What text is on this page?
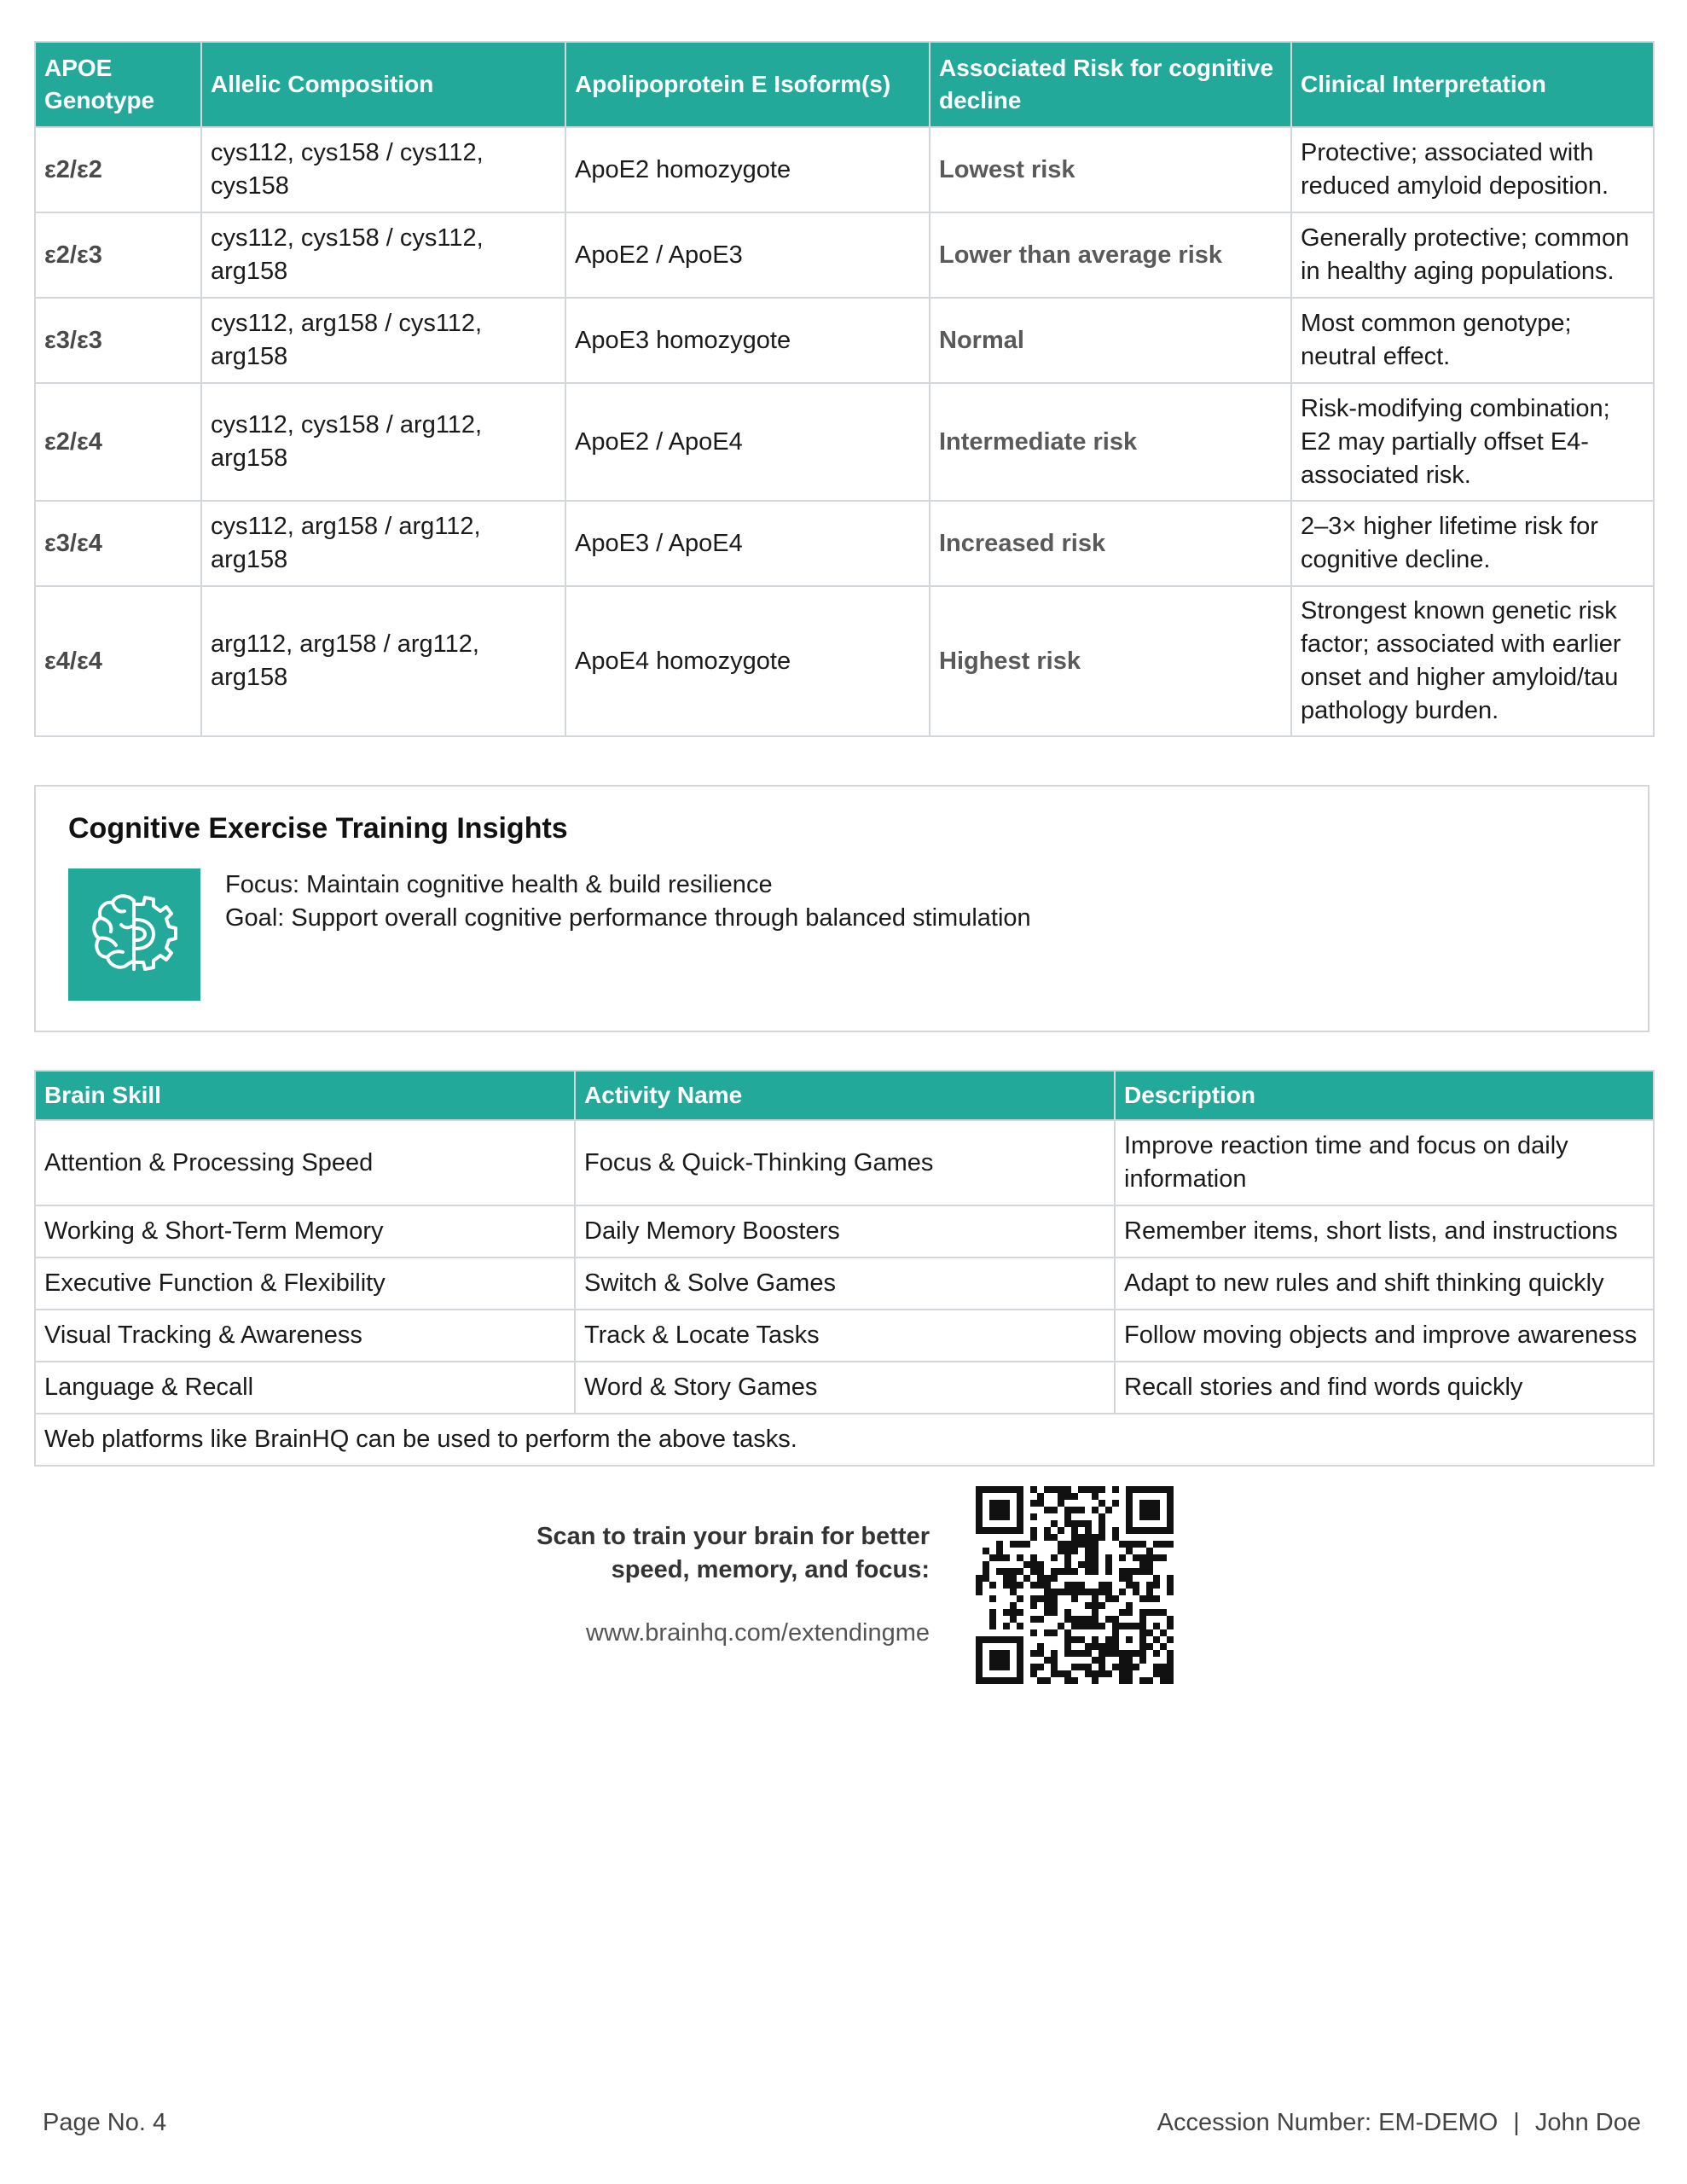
APOE Genotype	Allelic Composition	Apolipoprotein E Isoform(s)	Associated Risk for cognitive decline	Clinical Interpretation
ε2/ε2	cys112, cys158 / cys112, cys158	ApoE2 homozygote	Lowest risk	Protective; associated with reduced amyloid deposition.
ε2/ε3	cys112, cys158 / cys112, arg158	ApoE2 / ApoE3	Lower than average risk	Generally protective; common in healthy aging populations.
ε3/ε3	cys112, arg158 / cys112, arg158	ApoE3 homozygote	Normal	Most common genotype; neutral effect.
ε2/ε4	cys112, cys158 / arg112, arg158	ApoE2 / ApoE4	Intermediate risk	Risk-modifying combination; E2 may partially offset E4-associated risk.
ε3/ε4	cys112, arg158 / arg112, arg158	ApoE3 / ApoE4	Increased risk	2–3× higher lifetime risk for cognitive decline.
ε4/ε4	arg112, arg158 / arg112, arg158	ApoE4 homozygote	Highest risk	Strongest known genetic risk factor; associated with earlier onset and higher amyloid/tau pathology burden.
Cognitive Exercise Training Insights
Focus: Maintain cognitive health & build resilience
Goal: Support overall cognitive performance through balanced stimulation
Brain Skill	Activity Name	Description
Attention & Processing Speed	Focus & Quick-Thinking Games	Improve reaction time and focus on daily information
Working & Short-Term Memory	Daily Memory Boosters	Remember items, short lists, and instructions
Executive Function & Flexibility	Switch & Solve Games	Adapt to new rules and shift thinking quickly
Visual Tracking & Awareness	Track & Locate Tasks	Follow moving objects and improve awareness
Language & Recall	Word & Story Games	Recall stories and find words quickly
Web platforms like BrainHQ can be used to perform the above tasks.		
Scan to train your brain for better
speed, memory, and focus:
www.brainhq.com/extendingme
Page No. 4	Accession Number: EM-DEMO | John Doe
